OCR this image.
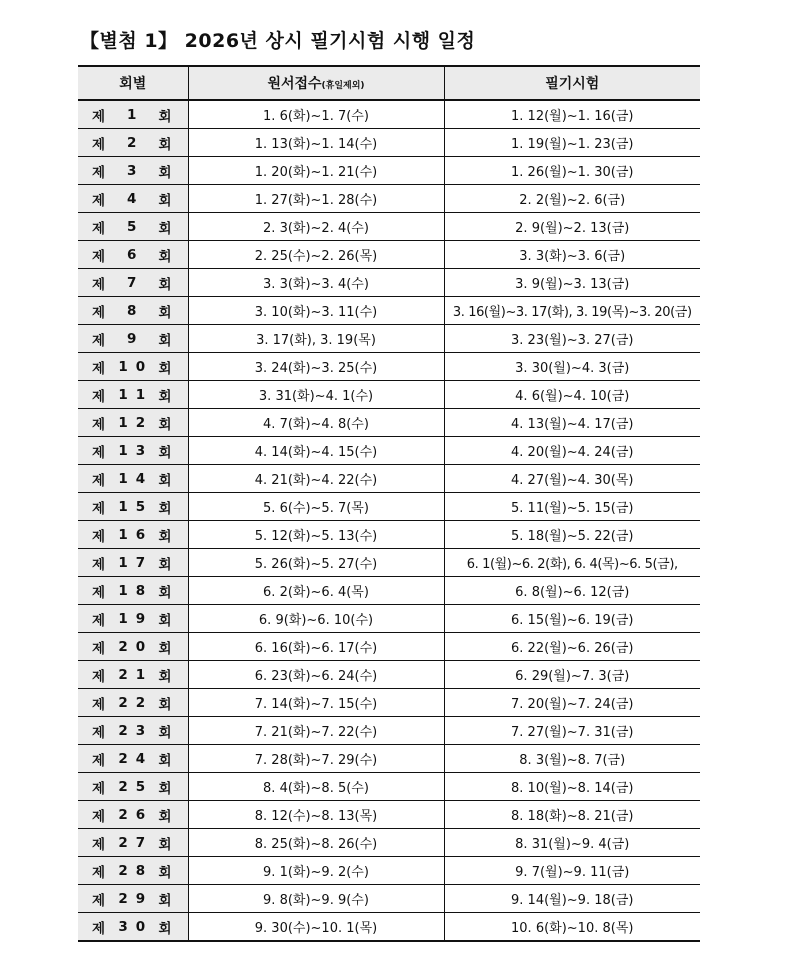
【별첨 1】 2026년 상시 필기시험 시행 일정
회별	원서접수(휴일제외)	필기시험

제 1 회	1. 6(화)~1. 7(수)	1. 12(월)~1. 16(금)

제 2 회	1. 13(화)~1. 14(수)	1. 19(월)~1. 23(금)

제 3 회	1. 20(화)~1. 21(수)	1. 26(월)~1. 30(금)

제 4 회	1. 27(화)~1. 28(수)	2. 2(월)~2. 6(금)

제 5 회	2. 3(화)~2. 4(수)	2. 9(월)~2. 13(금)

제 6 회	2. 25(수)~2. 26(목)	3. 3(화)~3. 6(금)

제 7 회	3. 3(화)~3. 4(수)	3. 9(월)~3. 13(금)

제 8 회	3. 10(화)~3. 11(수)	3. 16(월)~3. 17(화), 3. 19(목)~3. 20(금)

제 9 회	3. 17(화), 3. 19(목)	3. 23(월)~3. 27(금)

제 10 회	3. 24(화)~3. 25(수)	3. 30(월)~4. 3(금)

제 11 회	3. 31(화)~4. 1(수)	4. 6(월)~4. 10(금)

제 12 회	4. 7(화)~4. 8(수)	4. 13(월)~4. 17(금)

제 13 회	4. 14(화)~4. 15(수)	4. 20(월)~4. 24(금)

제 14 회	4. 21(화)~4. 22(수)	4. 27(월)~4. 30(목)

제 15 회	5. 6(수)~5. 7(목)	5. 11(월)~5. 15(금)

제 16 회	5. 12(화)~5. 13(수)	5. 18(월)~5. 22(금)

제 17 회	5. 26(화)~5. 27(수)	6. 1(월)~6. 2(화), 6. 4(목)~6. 5(금),

제 18 회	6. 2(화)~6. 4(목)	6. 8(월)~6. 12(금)

제 19 회	6. 9(화)~6. 10(수)	6. 15(월)~6. 19(금)

제 20 회	6. 16(화)~6. 17(수)	6. 22(월)~6. 26(금)

제 21 회	6. 23(화)~6. 24(수)	6. 29(월)~7. 3(금)

제 22 회	7. 14(화)~7. 15(수)	7. 20(월)~7. 24(금)

제 23 회	7. 21(화)~7. 22(수)	7. 27(월)~7. 31(금)

제 24 회	7. 28(화)~7. 29(수)	8. 3(월)~8. 7(금)

제 25 회	8. 4(화)~8. 5(수)	8. 10(월)~8. 14(금)

제 26 회	8. 12(수)~8. 13(목)	8. 18(화)~8. 21(금)

제 27 회	8. 25(화)~8. 26(수)	8. 31(월)~9. 4(금)

제 28 회	9. 1(화)~9. 2(수)	9. 7(월)~9. 11(금)

제 29 회	9. 8(화)~9. 9(수)	9. 14(월)~9. 18(금)

제 30 회	9. 30(수)~10. 1(목)	10. 6(화)~10. 8(목)
